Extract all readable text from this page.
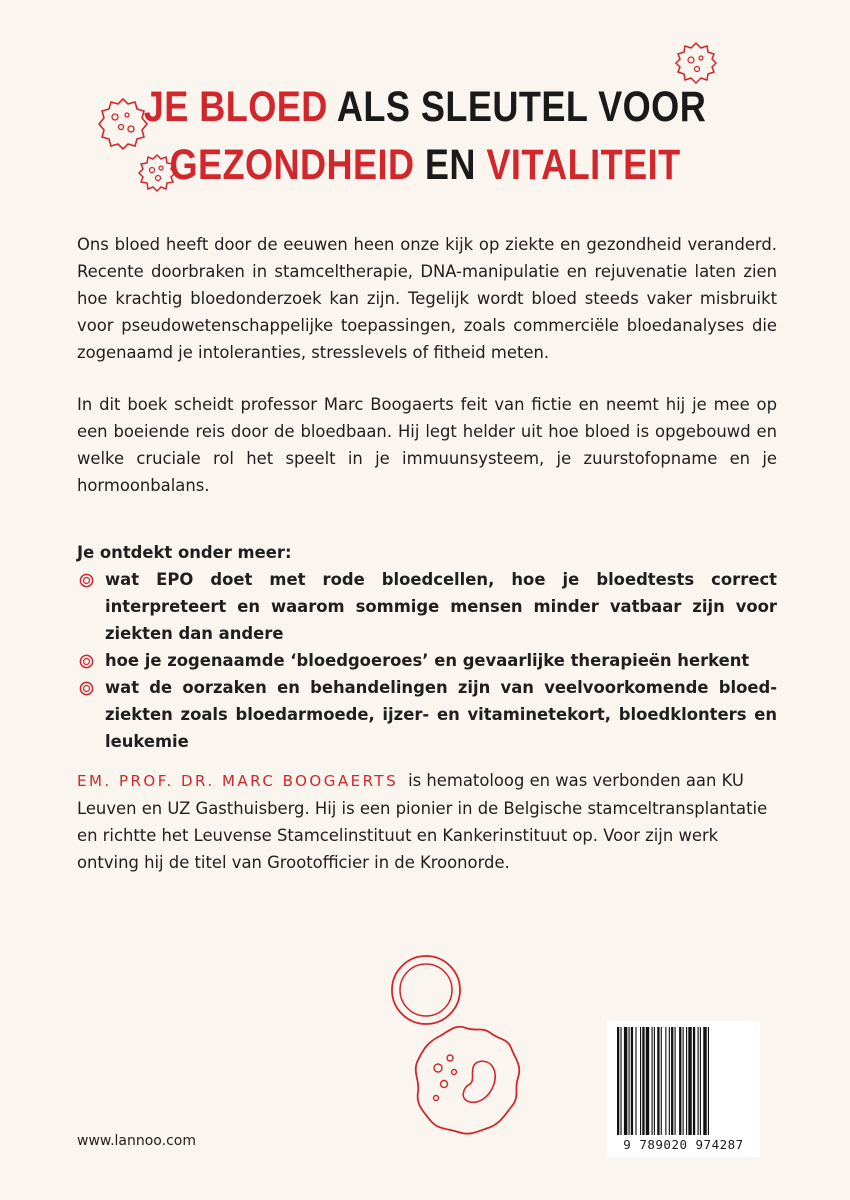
JE BLOED ALS SLEUTEL VOOR
GEZONDHEID EN VITALITEIT

Ons bloed heeft door de eeuwen heen onze kijk op ziekte en gezondheid veranderd. Recente doorbraken in stamceltherapie, DNA-manipulatie en rejuvenatie laten zien hoe krachtig bloedonderzoek kan zijn. Tegelijk wordt bloed steeds vaker misbruikt voor pseudowetenschappelijke toepassingen, zoals commerciële bloedanalyses die zogenaamd je intoleranties, stresslevels of fitheid meten.

In dit boek scheidt professor Marc Boogaerts feit van fictie en neemt hij je mee op een boeiende reis door de bloedbaan. Hij legt helder uit hoe bloed is opgebouwd en welke cruciale rol het speelt in je immuunsysteem, je zuurstofopname en je hormoonbalans.

Je ontdekt onder meer:
wat EPO doet met rode bloedcellen, hoe je bloedtests correct interpreteert en waarom sommige mensen minder vatbaar zijn voor ziekten dan andere
hoe je zogenaamde ‘bloedgoeroes’ en gevaarlijke therapieën herkent
wat de oorzaken en behandelingen zijn van veelvoorkomende bloedziekten zoals bloedarmoede, ijzer- en vitaminetekort, bloedklonters en leukemie

EM. PROF. DR. MARC BOOGAERTS is hematoloog en was verbonden aan KU Leuven en UZ Gasthuisberg. Hij is een pionier in de Belgische stamceltransplantatie en richtte het Leuvense Stamcelinstituut en Kankerinstituut op. Voor zijn werk ontving hij de titel van Grootofficier in de Kroonorde.

www.lannoo.com	9 789020 974287
